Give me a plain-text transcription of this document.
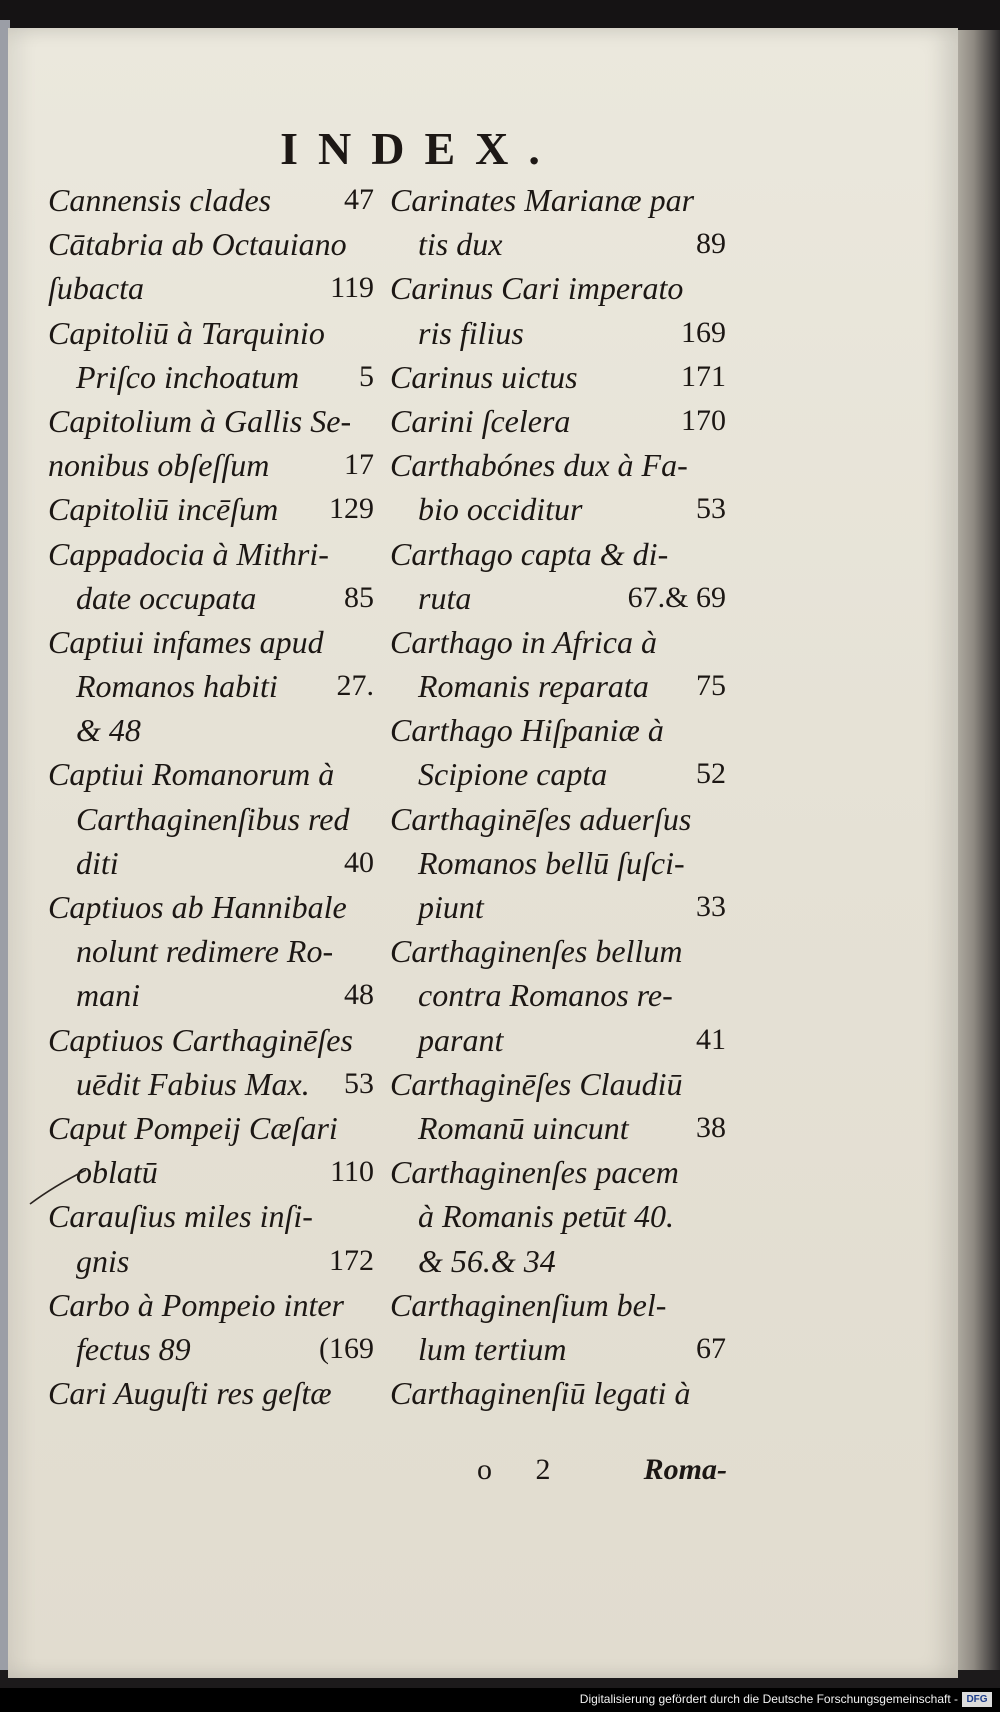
INDEX.
47
Cannensis clades
Cātabria ab Octauiano
119
ſubacta
Capitoliū à Tarquinio
5
Priſco inchoatum
Capitolium à Gallis Se-
17
nonibus obſeſſum
129
Capitoliū incēſum
Cappadocia à Mithri-
85
date occupata
Captiui infames apud
27.
Romanos habiti
& 48
Captiui Romanorum à
Carthaginenſibus red
40
diti
Captiuos ab Hannibale
nolunt redimere Ro-
48
mani
Captiuos Carthaginēſes
53
uēdit Fabius Max.
Caput Pompeij Cæſari
110
oblatū
Carauſius miles inſi-
172
gnis
Carbo à Pompeio inter
(169
fectus 89
Cari Auguſti res geſtæ
Carinates Marianæ par
89
tis dux
Carinus Cari imperato
169
ris filius
171
Carinus uictus
170
Carini ſcelera
Carthabónes dux à Fa-
53
bio occiditur
Carthago capta & di-
67.& 69
ruta
Carthago in Africa à
75
Romanis reparata
Carthago Hiſpaniæ à
52
Scipione capta
Carthaginēſes aduerſus
Romanos bellū ſuſci-
33
piunt
Carthaginenſes bellum
contra Romanos re-
41
parant
Carthaginēſes Claudiū
38
Romanū uincunt
Carthaginenſes pacem
à Romanis petūt 40.
& 56.& 34
Carthaginenſium bel-
67
lum tertium
Carthaginenſiū legati à
o 2	Roma-
Digitalisierung gefördert durch die Deutsche Forschungsgemeinschaft - DFG
